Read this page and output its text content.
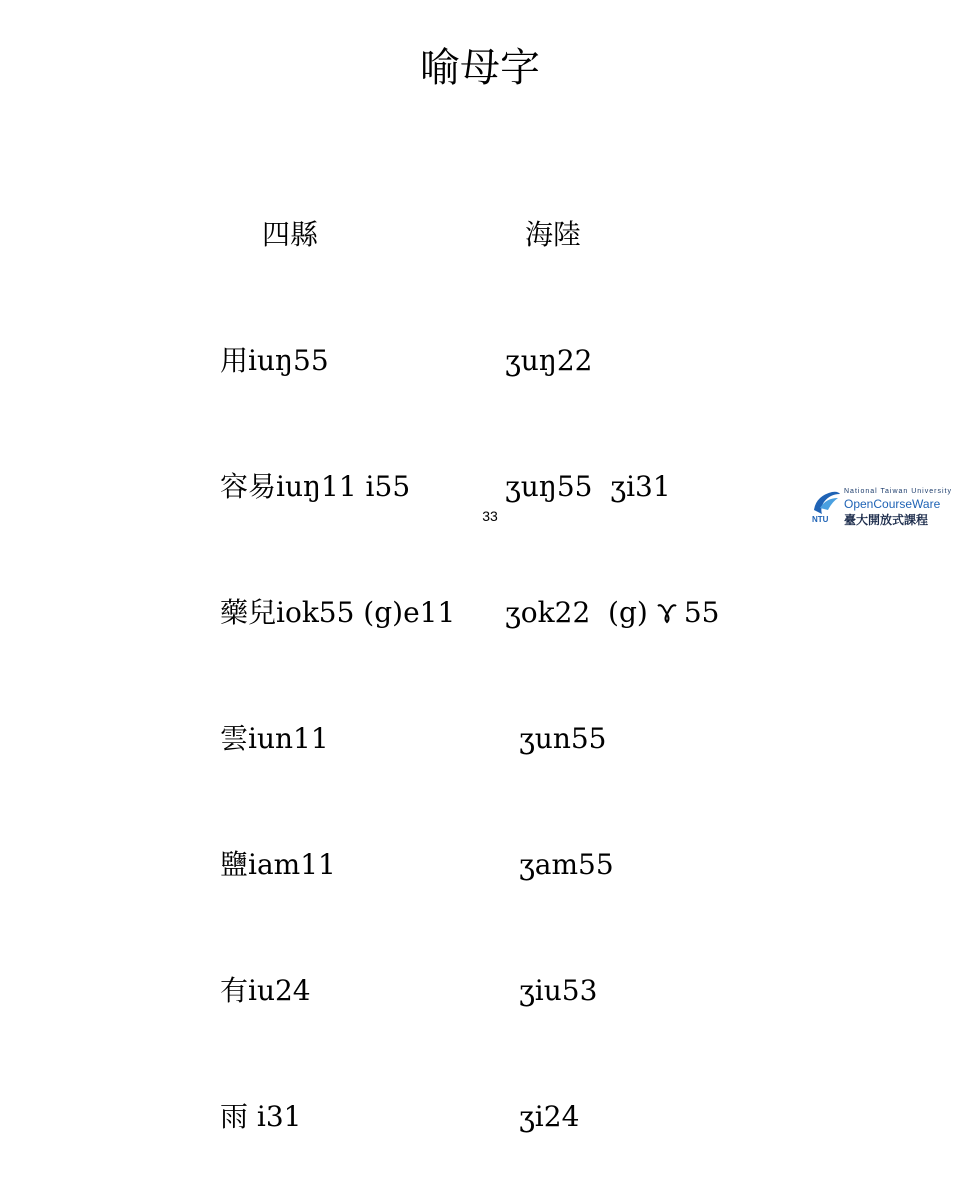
喻母字

四縣

用iuŋ55

容易iuŋ11 i55

藥兒iok55 (g)e11

雲iun11

鹽iam11

有iu24

雨 i31

海陸

ʒuŋ22

ʒuŋ55  ʒi31

ʒok22  (g) 55

ʒun55

ʒam55

ʒiu53

ʒi24

33	NTU
National Taiwan University
OpenCourseWare
臺大開放式課程
